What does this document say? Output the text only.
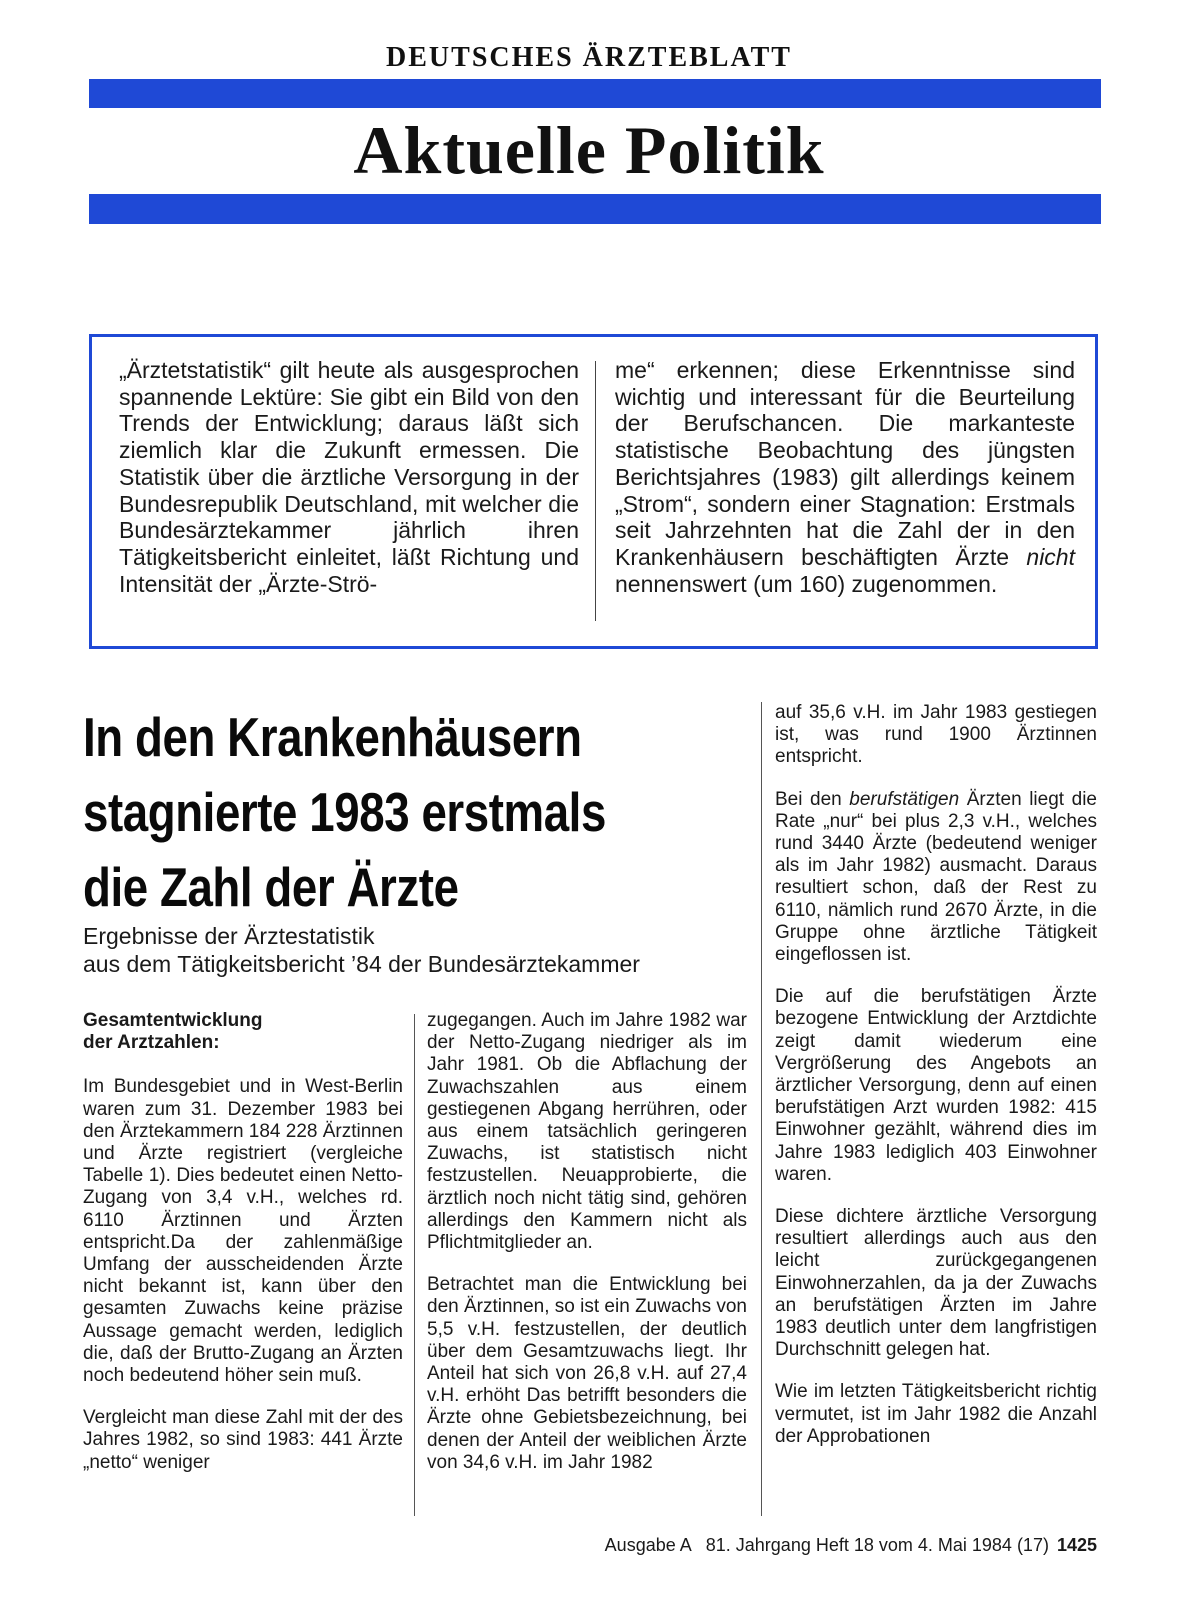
DEUTSCHES ÄRZTEBLATT
Aktuelle Politik
„Ärztetstatistik“ gilt heute als ausgesprochen spannende Lektüre: Sie gibt ein Bild von den Trends der Entwicklung; daraus läßt sich ziemlich klar die Zukunft ermessen. Die Statistik über die ärztliche Versorgung in der Bundesrepublik Deutschland, mit welcher die Bundesärztekammer jährlich ihren Tätigkeitsbericht einleitet, läßt Richtung und Intensität der „Ärzte-Strö-
me“ erkennen; diese Erkenntnisse sind wichtig und interessant für die Beurteilung der Berufschancen. Die markanteste statistische Beobachtung des jüngsten Berichtsjahres (1983) gilt allerdings keinem „Strom“, sondern einer Stagnation: Erstmals seit Jahrzehnten hat die Zahl der in den Krankenhäusern beschäftigten Ärzte nicht nennenswert (um 160) zugenommen.
In den Krankenhäusern
stagnierte 1983 erstmals
die Zahl der Ärzte
Ergebnisse der Ärztestatistik
aus dem Tätigkeitsbericht ’84 der Bundesärztekammer
Gesamtentwicklung
der Arztzahlen:

Im Bundesgebiet und in West-Berlin waren zum 31. Dezember 1983 bei den Ärztekammern 184 228 Ärztinnen und Ärzte registriert (vergleiche Tabelle 1). Dies bedeutet einen Netto-Zugang von 3,4 v.H., welches rd. 6110 Ärztinnen und Ärzten entspricht.Da der zahlenmäßige Umfang der ausscheidenden Ärzte nicht bekannt ist, kann über den gesamten Zuwachs keine präzise Aussage gemacht werden, lediglich die, daß der Brutto-Zugang an Ärzten noch bedeutend höher sein muß.

Vergleicht man diese Zahl mit der des Jahres 1982, so sind 1983: 441 Ärzte „netto“ weniger

zugegangen. Auch im Jahre 1982 war der Netto-Zugang niedriger als im Jahr 1981. Ob die Abflachung der Zuwachszahlen aus einem gestiegenen Abgang herrühren, oder aus einem tatsächlich geringeren Zuwachs, ist statistisch nicht festzustellen. Neuapprobierte, die ärztlich noch nicht tätig sind, gehören allerdings den Kammern nicht als Pflichtmitglieder an.

Betrachtet man die Entwicklung bei den Ärztinnen, so ist ein Zuwachs von 5,5 v.H. festzustellen, der deutlich über dem Gesamtzuwachs liegt. Ihr Anteil hat sich von 26,8 v.H. auf 27,4 v.H. erhöht Das betrifft besonders die Ärzte ohne Gebietsbezeichnung, bei denen der Anteil der weiblichen Ärzte von 34,6 v.H. im Jahr 1982

auf 35,6 v.H. im Jahr 1983 gestiegen ist, was rund 1900 Ärztinnen entspricht.

Bei den berufstätigen Ärzten liegt die Rate „nur“ bei plus 2,3 v.H., welches rund 3440 Ärzte (bedeutend weniger als im Jahr 1982) ausmacht. Daraus resultiert schon, daß der Rest zu 6110, nämlich rund 2670 Ärzte, in die Gruppe ohne ärztliche Tätigkeit eingeflossen ist.

Die auf die berufstätigen Ärzte bezogene Entwicklung der Arztdichte zeigt damit wiederum eine Vergrößerung des Angebots an ärztlicher Versorgung, denn auf einen berufstätigen Arzt wurden 1982: 415 Einwohner gezählt, während dies im Jahre 1983 lediglich 403 Einwohner waren.

Diese dichtere ärztliche Versorgung resultiert allerdings auch aus den leicht zurückgegangenen Einwohnerzahlen, da ja der Zuwachs an berufstätigen Ärzten im Jahre 1983 deutlich unter dem langfristigen Durchschnitt gelegen hat.

Wie im letzten Tätigkeitsbericht richtig vermutet, ist im Jahr 1982 die Anzahl der Approbationen

Ausgabe A   81. Jahrgang Heft 18 vom 4. Mai 1984 (17) 1425
